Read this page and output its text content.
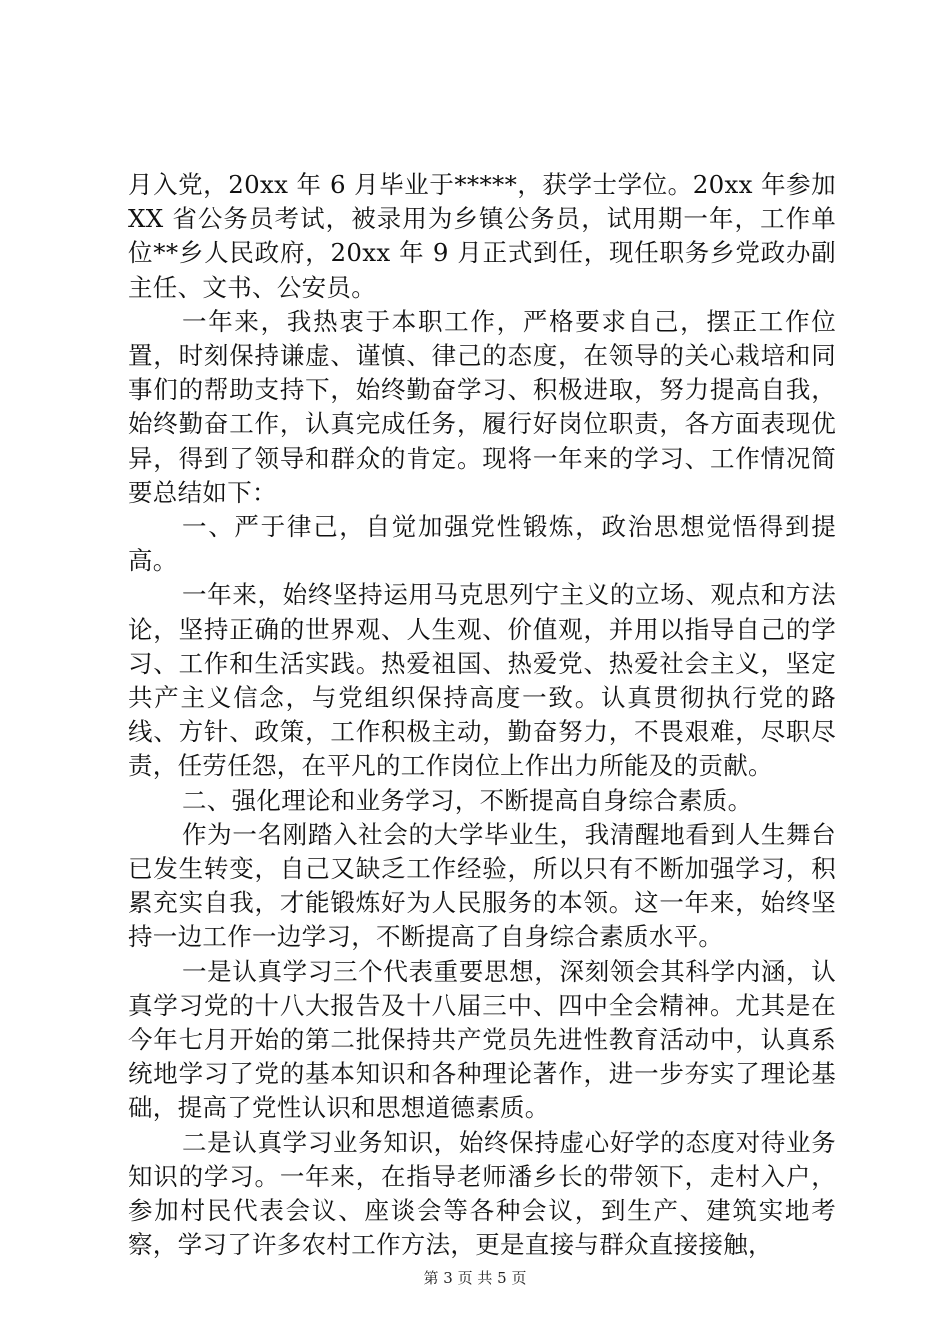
月入党，20xx 年 6 月毕业于*****，获学士学位。20xx 年参加XX 省公务员考试，被录用为乡镇公务员，试用期一年，工作单位**乡人民政府，20xx 年 9 月正式到任，现任职务乡党政办副主任、文书、公安员。

一年来，我热衷于本职工作，严格要求自己，摆正工作位置，时刻保持谦虚、谨慎、律己的态度，在领导的关心栽培和同事们的帮助支持下，始终勤奋学习、积极进取，努力提高自我，始终勤奋工作，认真完成任务，履行好岗位职责，各方面表现优异，得到了领导和群众的肯定。现将一年来的学习、工作情况简要总结如下：

一、严于律己，自觉加强党性锻炼，政治思想觉悟得到提高。

一年来，始终坚持运用马克思列宁主义的立场、观点和方法论，坚持正确的世界观、人生观、价值观，并用以指导自己的学习、工作和生活实践。热爱祖国、热爱党、热爱社会主义，坚定共产主义信念，与党组织保持高度一致。认真贯彻执行党的路线、方针、政策，工作积极主动，勤奋努力，不畏艰难，尽职尽责，任劳任怨，在平凡的工作岗位上作出力所能及的贡献。

二、强化理论和业务学习，不断提高自身综合素质。

作为一名刚踏入社会的大学毕业生，我清醒地看到人生舞台已发生转变，自己又缺乏工作经验，所以只有不断加强学习，积累充实自我，才能锻炼好为人民服务的本领。这一年来，始终坚持一边工作一边学习，不断提高了自身综合素质水平。

一是认真学习三个代表重要思想，深刻领会其科学内涵，认真学习党的十八大报告及十八届三中、四中全会精神。尤其是在今年七月开始的第二批保持共产党员先进性教育活动中，认真系统地学习了党的基本知识和各种理论著作，进一步夯实了理论基础，提高了党性认识和思想道德素质。

二是认真学习业务知识，始终保持虚心好学的态度对待业务知识的学习。一年来，在指导老师潘乡长的带领下，走村入户，参加村民代表会议、座谈会等各种会议，到生产、建筑实地考察，学习了许多农村工作方法，更是直接与群众直接接触，

第 3 页 共 5 页
